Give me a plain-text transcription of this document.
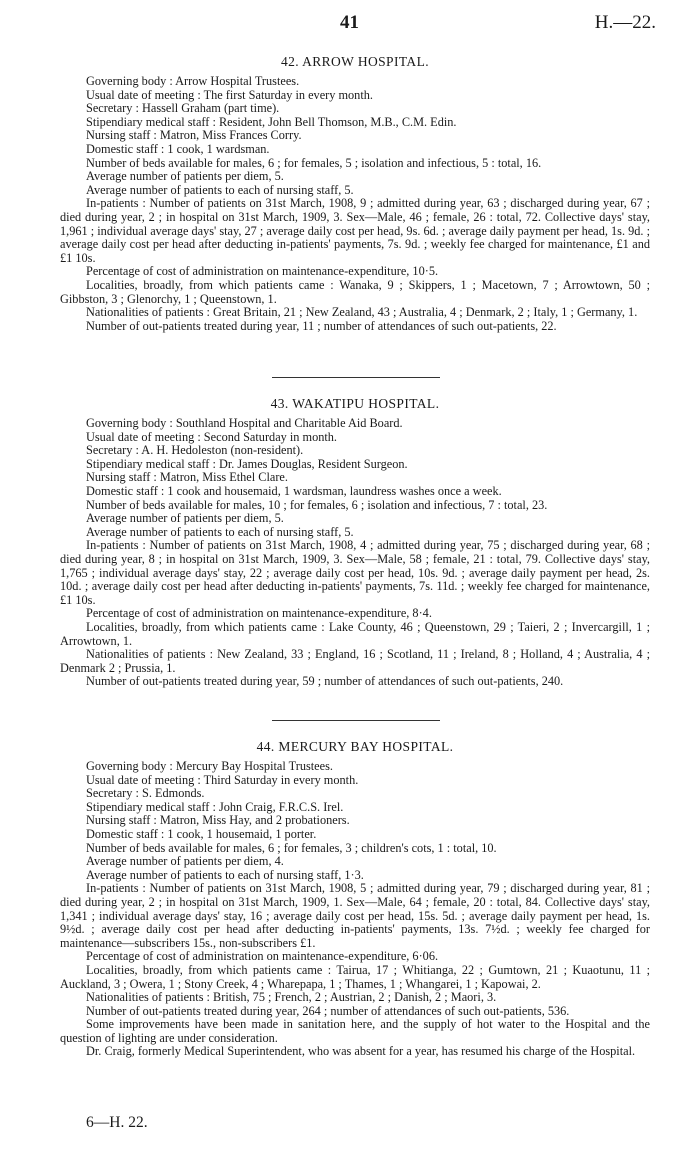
41	H.—22.
42. ARROW HOSPITAL.

Governing body : Arrow Hospital Trustees.

Usual date of meeting : The first Saturday in every month.

Secretary : Hassell Graham (part time).

Stipendiary medical staff : Resident, John Bell Thomson, M.B., C.M. Edin.

Nursing staff : Matron, Miss Frances Corry.

Domestic staff : 1 cook, 1 wardsman.

Number of beds available for males, 6 ; for females, 5 ; isolation and infectious, 5 : total, 16.

Average number of patients per diem, 5.

Average number of patients to each of nursing staff, 5.

In-patients : Number of patients on 31st March, 1908, 9 ; admitted during year, 63 ; discharged during year, 67 ; died during year, 2 ; in hospital on 31st March, 1909, 3. Sex—Male, 46 ; female, 26 : total, 72. Collective days' stay, 1,961 ; individual average days' stay, 27 ; average daily cost per head, 9s. 6d. ; average daily payment per head, 1s. 9d. ; average daily cost per head after deducting in-patients' payments, 7s. 9d. ; weekly fee charged for maintenance, £1 and £1 10s.

Percentage of cost of administration on maintenance-expenditure, 10·5.

Localities, broadly, from which patients came : Wanaka, 9 ; Skippers, 1 ; Macetown, 7 ; Arrowtown, 50 ; Gibbston, 3 ; Glenorchy, 1 ; Queenstown, 1.

Nationalities of patients : Great Britain, 21 ; New Zealand, 43 ; Australia, 4 ; Denmark, 2 ; Italy, 1 ; Germany, 1.

Number of out-patients treated during year, 11 ; number of attendances of such out-patients, 22.

43. WAKATIPU HOSPITAL.

Governing body : Southland Hospital and Charitable Aid Board.

Usual date of meeting : Second Saturday in month.

Secretary : A. H. Hedoleston (non-resident).

Stipendiary medical staff : Dr. James Douglas, Resident Surgeon.

Nursing staff : Matron, Miss Ethel Clare.

Domestic staff : 1 cook and housemaid, 1 wardsman, laundress washes once a week.

Number of beds available for males, 10 ; for females, 6 ; isolation and infectious, 7 : total, 23.

Average number of patients per diem, 5.

Average number of patients to each of nursing staff, 5.

In-patients : Number of patients on 31st March, 1908, 4 ; admitted during year, 75 ; discharged during year, 68 ; died during year, 8 ; in hospital on 31st March, 1909, 3. Sex—Male, 58 ; female, 21 : total, 79. Collective days' stay, 1,765 ; individual average days' stay, 22 ; average daily cost per head, 10s. 9d. ; average daily payment per head, 2s. 10d. ; average daily cost per head after deducting in-patients' payments, 7s. 11d. ; weekly fee charged for maintenance, £1 10s.

Percentage of cost of administration on maintenance-expenditure, 8·4.

Localities, broadly, from which patients came : Lake County, 46 ; Queenstown, 29 ; Taieri, 2 ; Invercargill, 1 ; Arrowtown, 1.

Nationalities of patients : New Zealand, 33 ; England, 16 ; Scotland, 11 ; Ireland, 8 ; Holland, 4 ; Australia, 4 ; Denmark 2 ; Prussia, 1.

Number of out-patients treated during year, 59 ; number of attendances of such out-patients, 240.

44. MERCURY BAY HOSPITAL.

Governing body : Mercury Bay Hospital Trustees.

Usual date of meeting : Third Saturday in every month.

Secretary : S. Edmonds.

Stipendiary medical staff : John Craig, F.R.C.S. Irel.

Nursing staff : Matron, Miss Hay, and 2 probationers.

Domestic staff : 1 cook, 1 housemaid, 1 porter.

Number of beds available for males, 6 ; for females, 3 ; children's cots, 1 : total, 10.

Average number of patients per diem, 4.

Average number of patients to each of nursing staff, 1·3.

In-patients : Number of patients on 31st March, 1908, 5 ; admitted during year, 79 ; discharged during year, 81 ; died during year, 2 ; in hospital on 31st March, 1909, 1. Sex—Male, 64 ; female, 20 : total, 84. Collective days' stay, 1,341 ; individual average days' stay, 16 ; average daily cost per head, 15s. 5d. ; average daily payment per head, 1s. 9½d. ; average daily cost per head after deducting in-patients' payments, 13s. 7½d. ; weekly fee charged for maintenance—subscribers 15s., non-subscribers £1.

Percentage of cost of administration on maintenance-expenditure, 6·06.

Localities, broadly, from which patients came : Tairua, 17 ; Whitianga, 22 ; Gumtown, 21 ; Kuaotunu, 11 ; Auckland, 3 ; Owera, 1 ; Stony Creek, 4 ; Wharepapa, 1 ; Thames, 1 ; Whangarei, 1 ; Kapowai, 2.

Nationalities of patients : British, 75 ; French, 2 ; Austrian, 2 ; Danish, 2 ; Maori, 3.

Number of out-patients treated during year, 264 ; number of attendances of such out-patients, 536.

Some improvements have been made in sanitation here, and the supply of hot water to the Hospital and the question of lighting are under consideration.

Dr. Craig, formerly Medical Superintendent, who was absent for a year, has resumed his charge of the Hospital.

6—H. 22.
